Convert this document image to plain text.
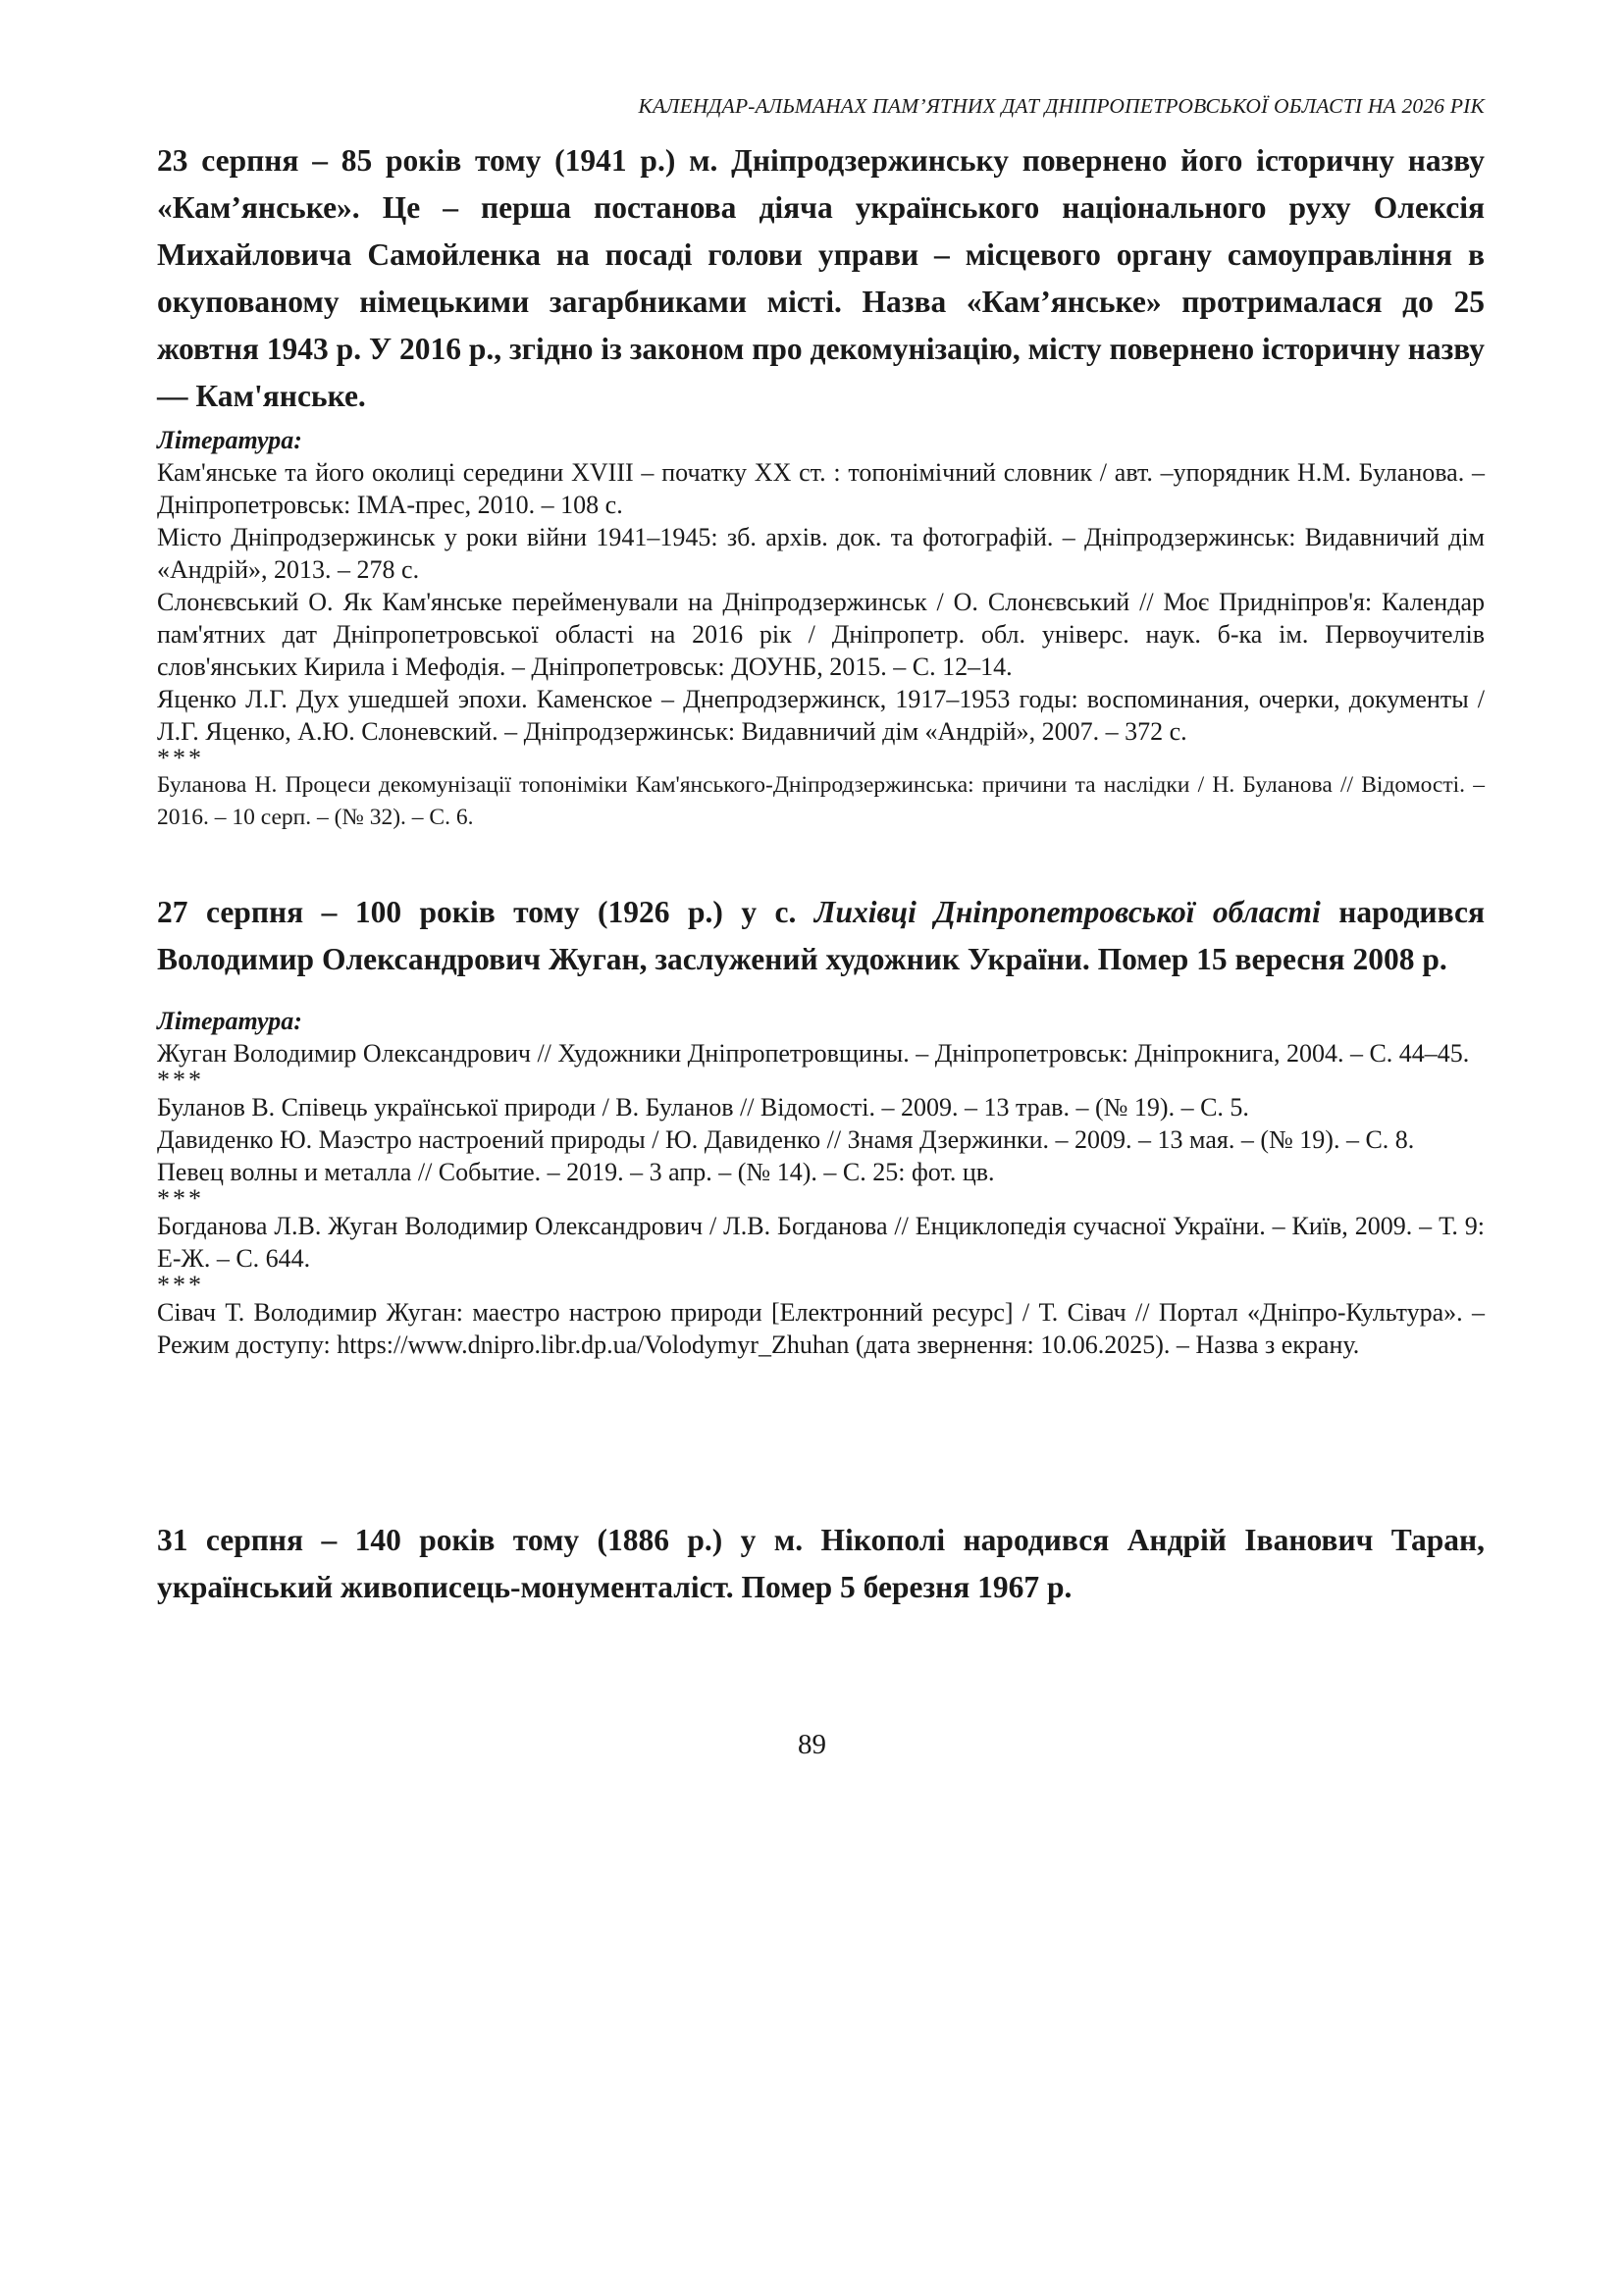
КАЛЕНДАР-АЛЬМАНАХ ПАМ’ЯТНИХ ДАТ ДНІПРОПЕТРОВСЬКОЇ ОБЛАСТІ НА 2026 РІК

23 серпня – 85 років тому (1941 р.) м. Дніпродзержинську повернено його історичну назву «Кам’янське». Це – перша постанова діяча українського національного руху Олексія Михайловича Самойленка на посаді голови управи – місцевого органу самоуправління в окупованому німецькими загарбниками місті. Назва «Кам’янське» протрималася до 25 жовтня 1943 р. У 2016 р., згідно із законом про декомунізацію, місту повернено історичну назву — Кам'янське.

Література:

Кам'янське та його околиці середини XVIII – початку XX ст. : топонімічний словник / авт. –упорядник Н.М. Буланова. – Дніпропетровськ: ІМА-прес, 2010. – 108 с.

Місто Дніпродзержинськ у роки війни 1941–1945: зб. архів. док. та фотографій. – Дніпродзержинськ: Видавничий дім «Андрій», 2013. – 278 с.

Слонєвський О. Як Кам'янське перейменували на Дніпродзержинськ / О. Слонєвський // Моє Придніпров'я: Календар пам'ятних дат Дніпропетровської області на 2016 рік / Дніпропетр. обл. універс. наук. б-ка ім. Первоучителів слов'янських Кирила і Мефодія. – Дніпропетровськ: ДОУНБ, 2015. – С. 12–14.

Яценко Л.Г. Дух ушедшей эпохи. Каменское – Днепродзержинск, 1917–1953 годы: воспоминания, очерки, документы / Л.Г. Яценко, А.Ю. Слоневский. – Дніпродзержинськ: Видавничий дім «Андрій», 2007. – 372 с.

***

Буланова Н. Процеси декомунізації топоніміки Кам'янського-Дніпродзержинська: причини та наслідки / Н. Буланова // Відомості. – 2016. – 10 серп. – (№ 32). – С. 6.

27 серпня – 100 років тому (1926 р.) у с. Лихівці Дніпропетровської області народився Володимир Олександрович Жуган, заслужений художник України. Помер 15 вересня 2008 р.

Література:

Жуган Володимир Олександрович // Художники Дніпропетровщины. – Дніпропетровськ: Дніпрокнига, 2004. – С. 44–45.

***

Буланов В. Співець української природи / В. Буланов // Відомості. – 2009. – 13 трав. – (№ 19). – С. 5.

Давиденко Ю. Маэстро настроений природы / Ю. Давиденко // Знамя Дзержинки. – 2009. – 13 мая. – (№ 19). – С. 8.

Певец волны и металла // Событие. – 2019. – 3 апр. – (№ 14). – С. 25: фот. цв.

***

Богданова Л.В. Жуган Володимир Олександрович / Л.В. Богданова // Енциклопедія сучасної України. – Київ, 2009. – Т. 9: Е-Ж. – С. 644.

***

Сівач Т. Володимир Жуган: маестро настрою природи [Електронний ресурс] / Т. Сівач // Портал «Дніпро-Культура». – Режим доступу: https://www.dnipro.libr.dp.ua/Volodymyr_Zhuhan (дата звернення: 10.06.2025). – Назва з екрану.

31 серпня – 140 років тому (1886 р.) у м. Нікополі народився Андрій Іванович Таран, український живописець-монументаліст. Помер 5 березня 1967 р.

89
